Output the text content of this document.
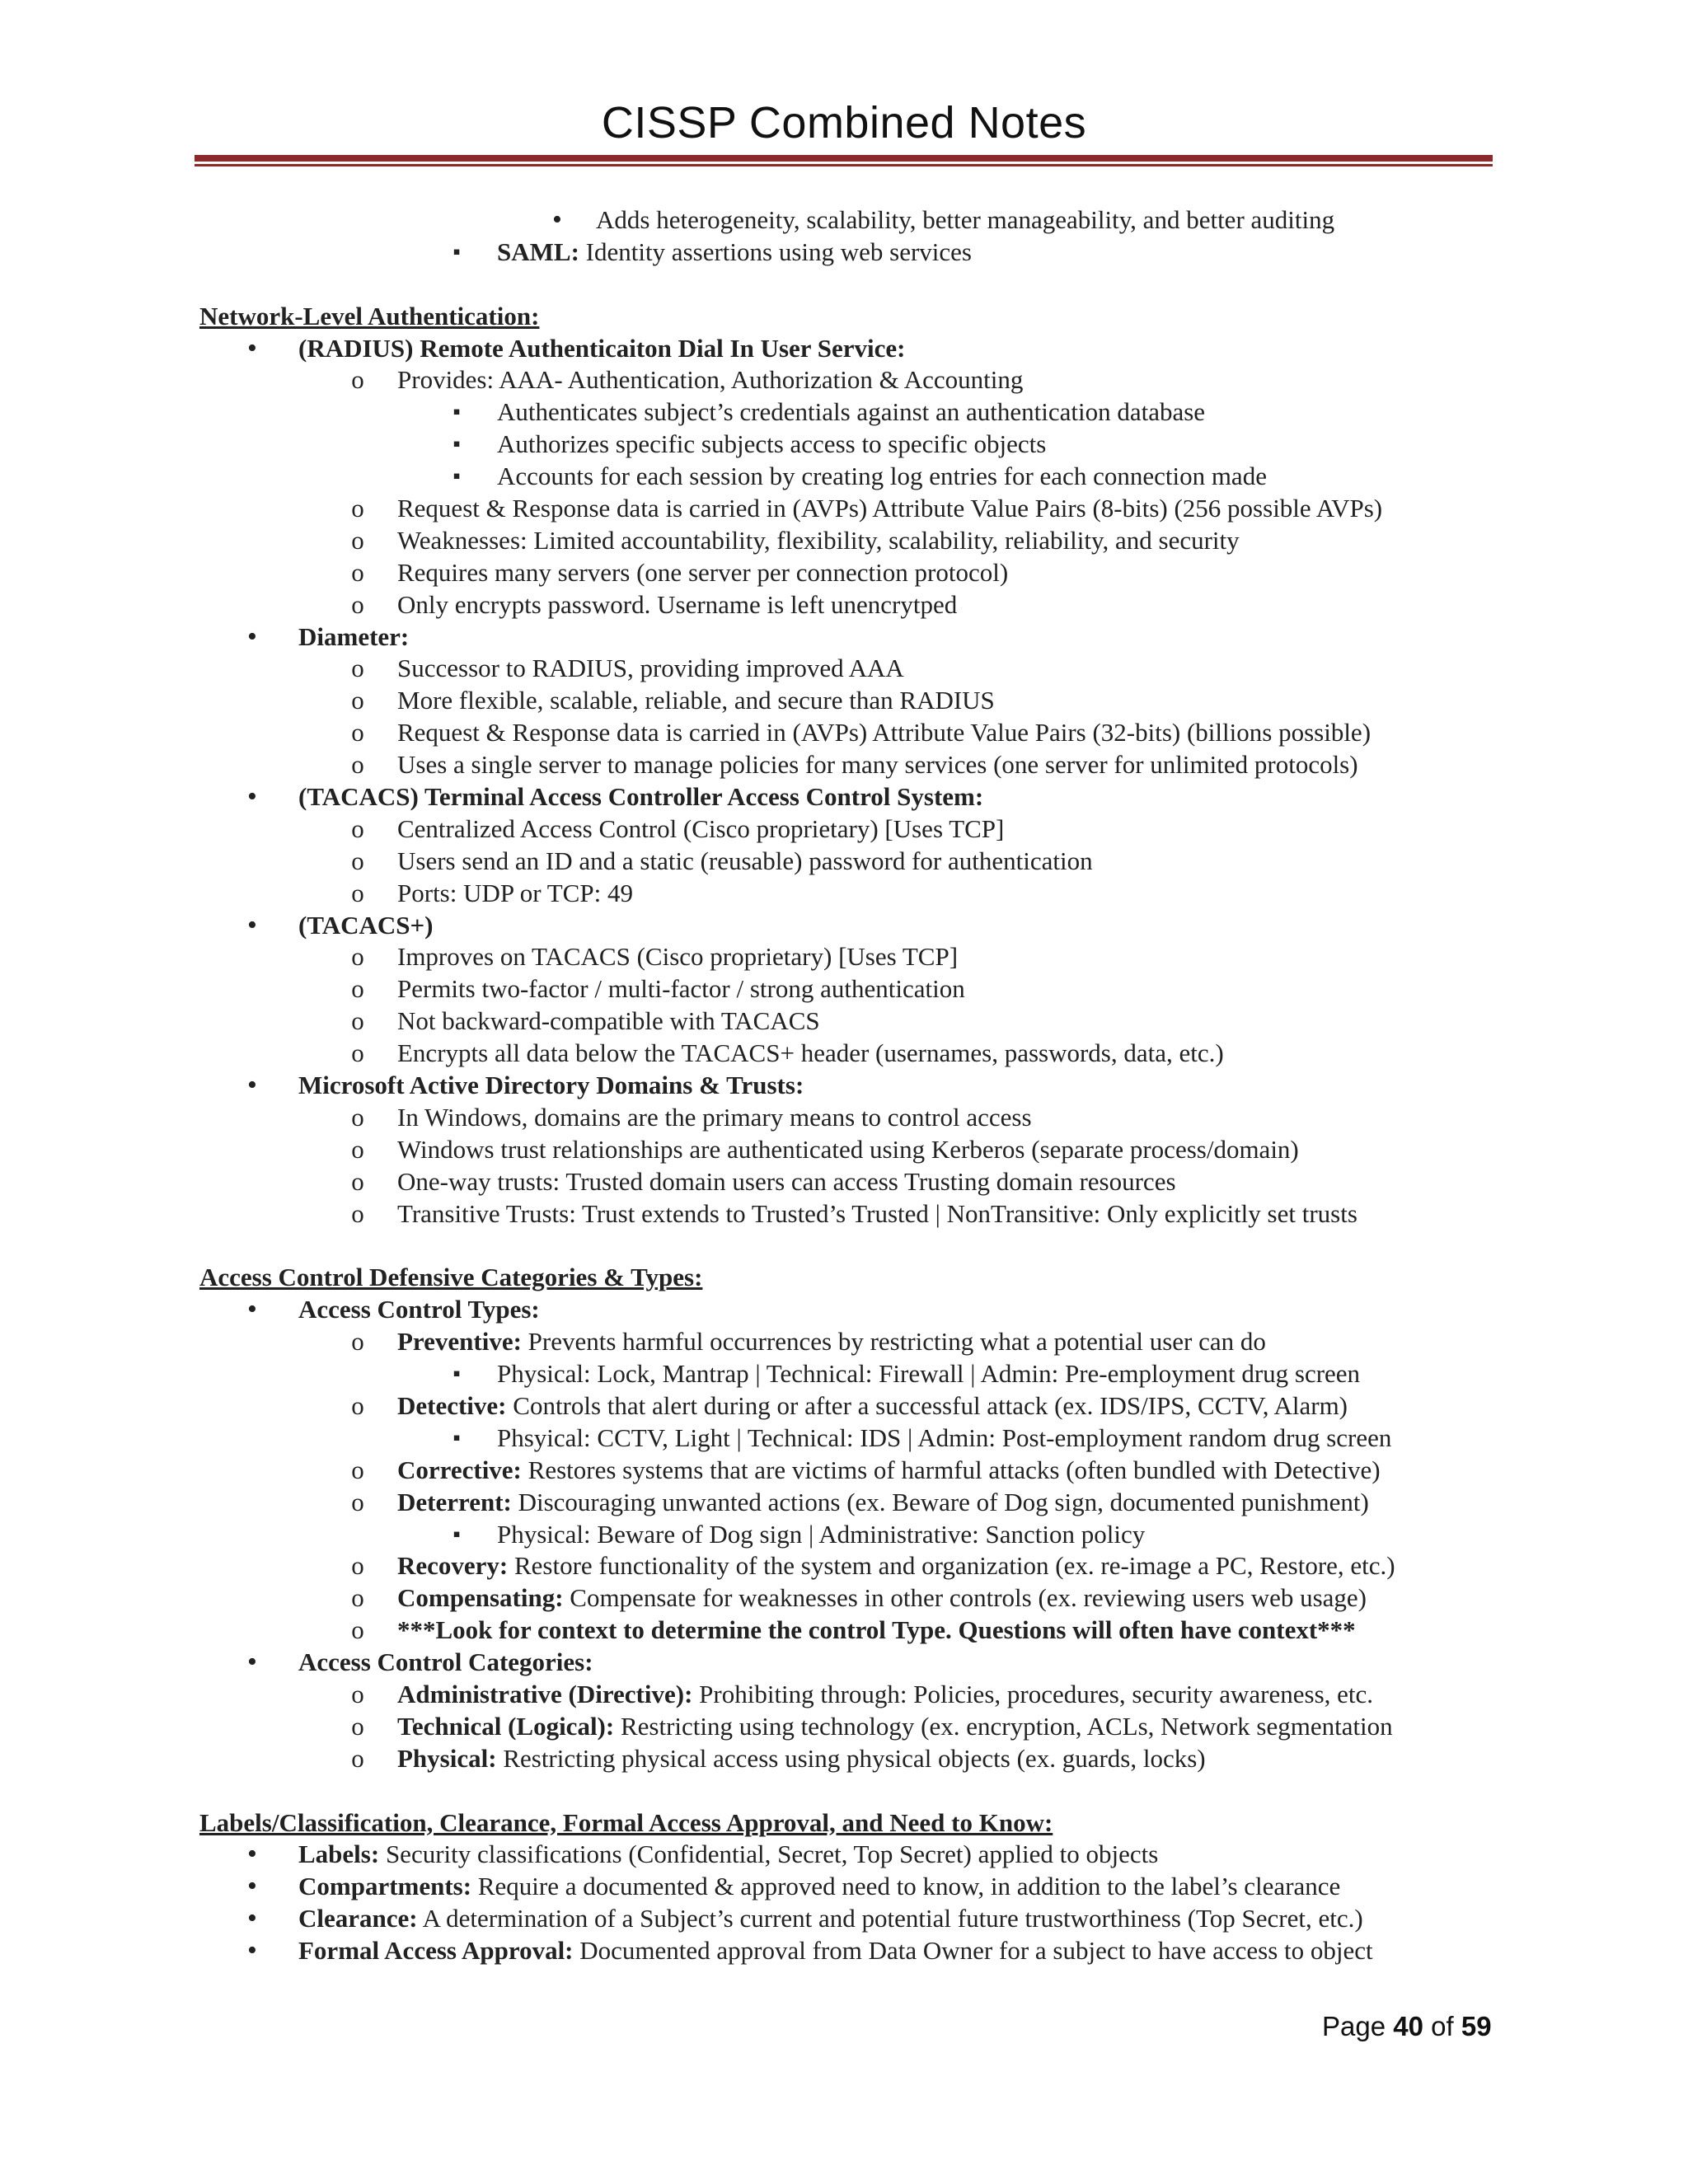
CISSP Combined Notes
• Adds heterogeneity, scalability, better manageability, and better auditing
▪	SAML: Identity assertions using web services
Network-Level Authentication:
• (RADIUS) Remote Authenticaiton Dial In User Service:
o Provides: AAA- Authentication, Authorization & Accounting
▪	Authenticates subject’s credentials against an authentication database
▪	Authorizes specific subjects access to specific objects
▪	Accounts for each session by creating log entries for each connection made
o Request & Response data is carried in (AVPs) Attribute Value Pairs (8-bits) (256 possible AVPs)
o Weaknesses: Limited accountability, flexibility, scalability, reliability, and security
o Requires many servers (one server per connection protocol)
o Only encrypts password. Username is left unencrytped
• Diameter:
o Successor to RADIUS, providing improved AAA
o More flexible, scalable, reliable, and secure than RADIUS
o Request & Response data is carried in (AVPs) Attribute Value Pairs (32-bits) (billions possible)
o Uses a single server to manage policies for many services (one server for unlimited protocols)
• (TACACS) Terminal Access Controller Access Control System:
o Centralized Access Control (Cisco proprietary) [Uses TCP]
o Users send an ID and a static (reusable) password for authentication
o Ports: UDP or TCP: 49
• (TACACS+)
o Improves on TACACS (Cisco proprietary) [Uses TCP]
o Permits two-factor / multi-factor / strong authentication
o Not backward-compatible with TACACS
o Encrypts all data below the TACACS+ header (usernames, passwords, data, etc.)
• Microsoft Active Directory Domains & Trusts:
o In Windows, domains are the primary means to control access
o Windows trust relationships are authenticated using Kerberos (separate process/domain)
o One-way trusts: Trusted domain users can access Trusting domain resources
o Transitive Trusts: Trust extends to Trusted’s Trusted | NonTransitive: Only explicitly set trusts
Access Control Defensive Categories & Types:
• Access Control Types:
o Preventive: Prevents harmful occurrences by restricting what a potential user can do
▪	Physical: Lock, Mantrap | Technical: Firewall | Admin: Pre-employment drug screen
o Detective: Controls that alert during or after a successful attack (ex. IDS/IPS, CCTV, Alarm)
▪	Phsyical: CCTV, Light | Technical: IDS | Admin: Post-employment random drug screen
o Corrective: Restores systems that are victims of harmful attacks (often bundled with Detective)
o Deterrent: Discouraging unwanted actions (ex. Beware of Dog sign, documented punishment)
▪	Physical: Beware of Dog sign | Administrative: Sanction policy
o Recovery: Restore functionality of the system and organization (ex. re-image a PC, Restore, etc.)
o Compensating: Compensate for weaknesses in other controls (ex. reviewing users web usage)
o ***Look for context to determine the control Type. Questions will often have context***
• Access Control Categories:
o Administrative (Directive): Prohibiting through: Policies, procedures, security awareness, etc.
o Technical (Logical): Restricting using technology (ex. encryption, ACLs, Network segmentation
o Physical: Restricting physical access using physical objects (ex. guards, locks)
Labels/Classification, Clearance, Formal Access Approval, and Need to Know:
• Labels: Security classifications (Confidential, Secret, Top Secret) applied to objects
• Compartments: Require a documented & approved need to know, in addition to the label’s clearance
• Clearance: A determination of a Subject’s current and potential future trustworthiness (Top Secret, etc.)
• Formal Access Approval: Documented approval from Data Owner for a subject to have access to object
Page 40 of 59
